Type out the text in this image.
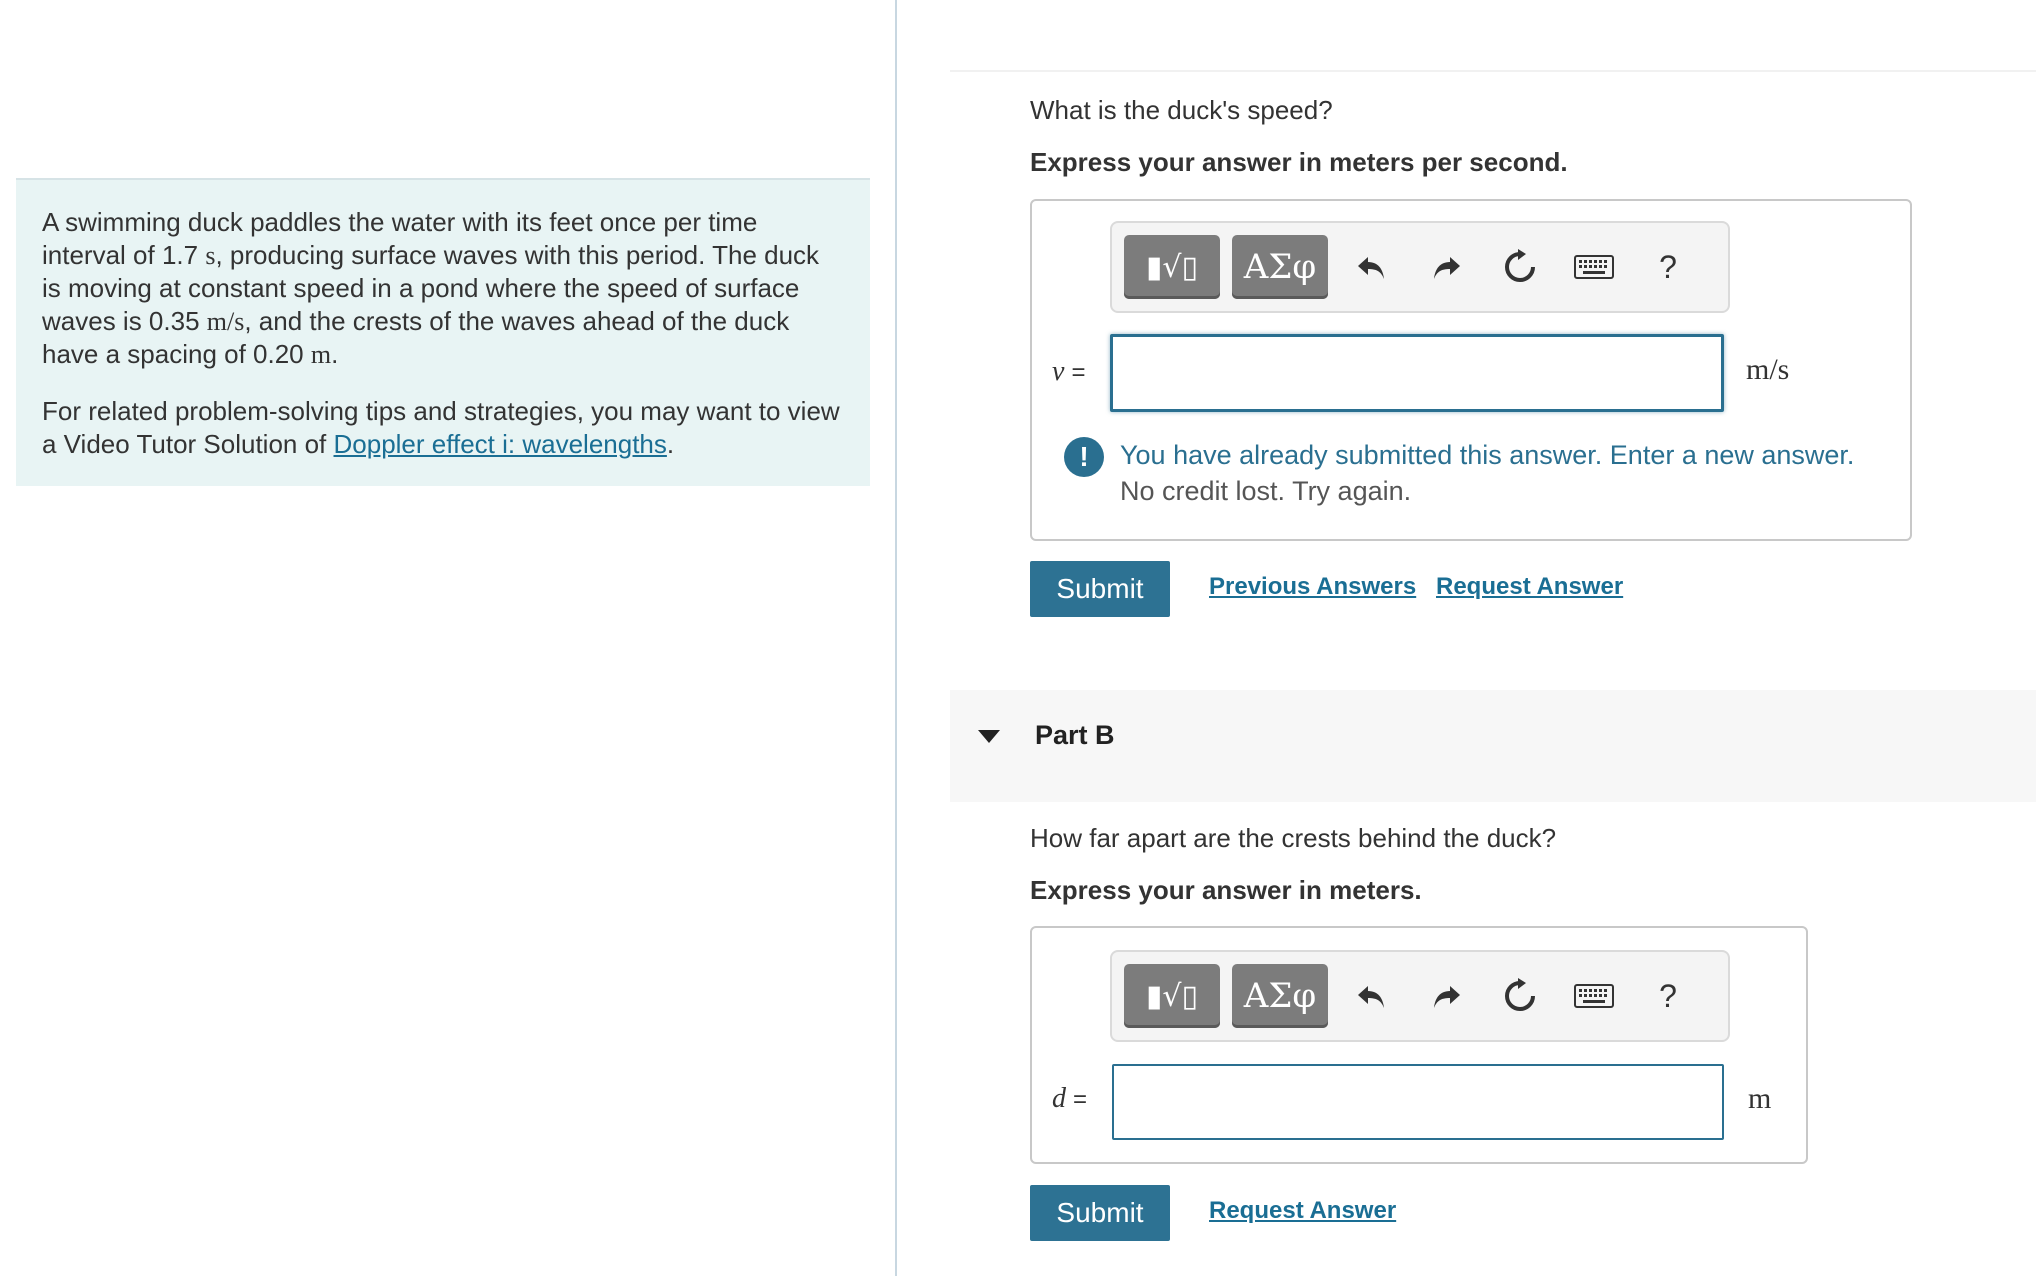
A swimming duck paddles the water with its feet once per time interval of 1.7 s, producing surface waves with this period. The duck is moving at constant speed in a pond where the speed of surface waves is 0.35 m/s, and the crests of the waves ahead of the duck have a spacing of 0.20 m.

For related problem-solving tips and strategies, you may want to view a Video Tutor Solution of Doppler effect i: wavelengths.

What is the duck's speed?
Express your answer in meters per second.
▮√▯	ΑΣφ	?
v =	m/s
!	You have already submitted this answer. Enter a new answer.
No credit lost. Try again.
Submit	Previous Answers Request Answer
Part B
How far apart are the crests behind the duck?
Express your answer in meters.
▮√▯	ΑΣφ	?
d =	m
Submit	Request Answer
